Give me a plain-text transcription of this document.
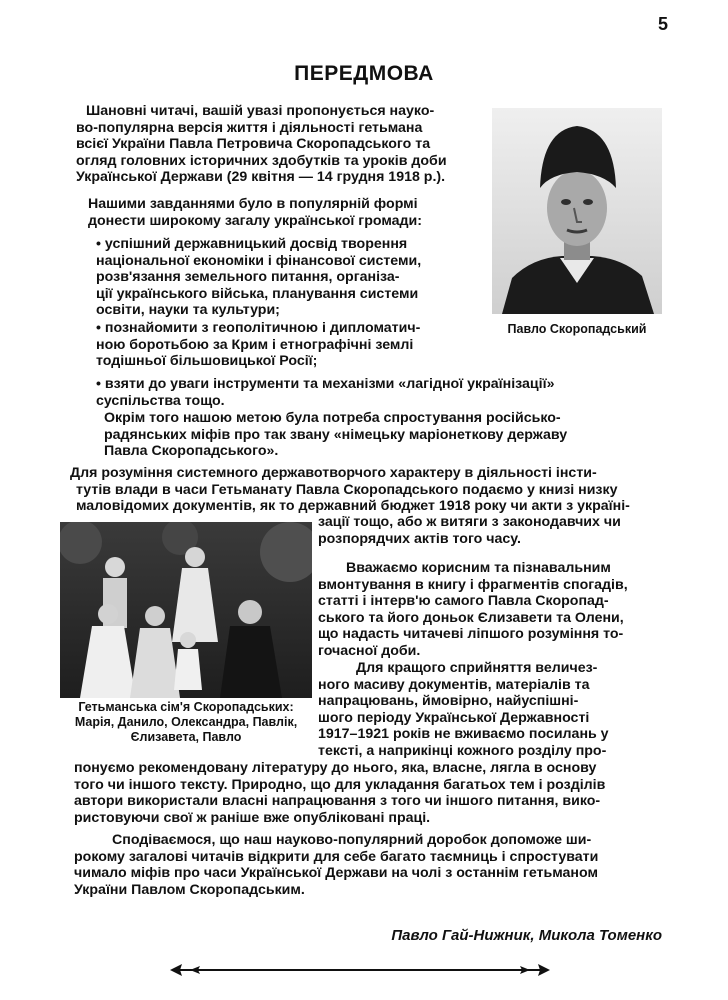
5
ПЕРЕДМОВА
Шановні читачі, вашій увазі пропонується науко-
во-популярна версія життя і діяльності гетьмана
всієї України Павла Петровича Скоропадського та
огляд головних історичних здобутків та уроків доби
Української Держави (29 квітня — 14 грудня 1918 р.).
Нашими завданнями було в популярній формі
донести широкому загалу української громади:
• успішний державницький досвід творення
національної економіки і фінансової системи,
розв'язання земельного питання, організа-
ції українського війська, планування системи
освіти, науки та культури;
• познайомити з геополітичною і дипломатич-
ною боротьбою за Крим і етнографічні землі
тодішньої більшовицької Росії;
• взяти до уваги інструменти та механізми «лагідної українізації»
суспільства тощо.
Окрім того нашою метою була потреба спростування російсько-
радянських міфів про так звану «німецьку маріонеткову державу
Павла Скоропадського».
Для розуміння системного державотворчого характеру в діяльності інсти-
тутів влади в часи Гетьманату Павла Скоропадського подаємо у книзі низку
маловідомих документів, як то державний бюджет 1918 року чи акти з україні-
зації тощо, або ж витяги з законодавчих чи
розпорядчих актів того часу.
Вважаємо корисним та пізнавальним
вмонтування в книгу і фрагментів спогадів,
статті і інтерв'ю самого Павла Скоропад-
ського та його доньок Єлизавети та Олени,
що надасть читачеві ліпшого розуміння то-
гочасної доби.
Для кращого сприйняття величез-
ного масиву документів, матеріалів та
напрацювань, ймовірно, найуспішні-
шого періоду Української Державності
1917–1921 років не вживаємо посилань у
тексті, а наприкінці кожного розділу про-
понуємо рекомендовану літературу до нього, яка, власне, лягла в основу
того чи іншого тексту. Природно, що для укладання багатьох тем і розділів
автори використали власні напрацювання з того чи іншого питання, вико-
ристовуючи свої ж раніше вже опубліковані праці.
Сподіваємося, що наш науково-популярний доробок допоможе ши-
рокому загалові читачів відкрити для себе багато таємниць і спростувати
чимало міфів про часи Української Держави на чолі з останнім гетьманом
України Павлом Скоропадським.
Павло Скоропадський
Гетьманська сім'я Скоропадських:
Марія, Данило, Олександра, Павлік,
Єлизавета, Павло
Павло Гай-Нижник, Микола Томенко
